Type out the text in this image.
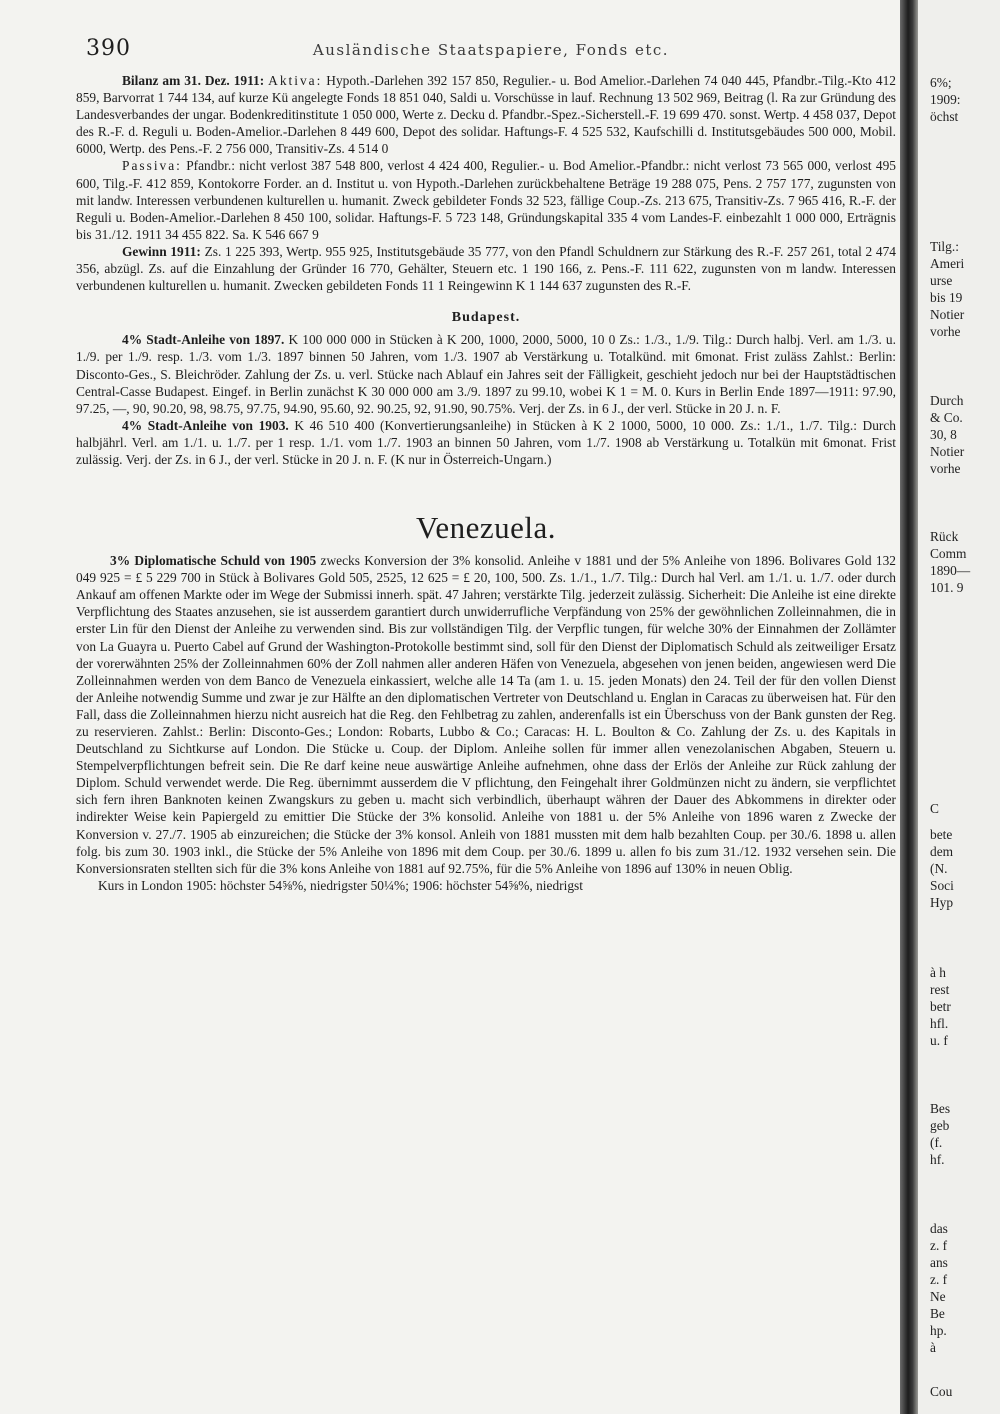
390	Ausländische Staatspapiere, Fonds etc.

Bilanz am 31. Dez. 1911: Aktiva: Hypoth.-Darlehen 392 157 850, Regulier.- u. Bod Amelior.-Darlehen 74 040 445, Pfandbr.-Tilg.-Kto 412 859, Barvorrat 1 744 134, auf kurze Kü angelegte Fonds 18 851 040, Saldi u. Vorschüsse in lauf. Rechnung 13 502 969, Beitrag (l. Ra zur Gründung des Landesverbandes der ungar. Bodenkreditinstitute 1 050 000, Werte z. Decku d. Pfandbr.-Spez.-Sicherstell.-F. 19 699 470. sonst. Wertp. 4 458 037, Depot des R.-F. d. Reguli u. Boden-Amelior.-Darlehen 8 449 600, Depot des solidar. Haftungs-F. 4 525 532, Kaufschilli d. Institutsgebäudes 500 000, Mobil. 6000, Wertp. des Pens.-F. 2 756 000, Transitiv-Zs. 4 514 0

Passiva: Pfandbr.: nicht verlost 387 548 800, verlost 4 424 400, Regulier.- u. Bod Amelior.-Pfandbr.: nicht verlost 73 565 000, verlost 495 600, Tilg.-F. 412 859, Kontokorre Forder. an d. Institut u. von Hypoth.-Darlehen zurückbehaltene Beträge 19 288 075, Pens. 2 757 177, zugunsten von mit landw. Interessen verbundenen kulturellen u. humanit. Zweck gebildeter Fonds 32 523, fällige Coup.-Zs. 213 675, Transitiv-Zs. 7 965 416, R.-F. der Reguli u. Boden-Amelior.-Darlehen 8 450 100, solidar. Haftungs-F. 5 723 148, Gründungskapital 335 4 vom Landes-F. einbezahlt 1 000 000, Erträgnis bis 31./12. 1911 34 455 822. Sa. K 546 667 9

Gewinn 1911: Zs. 1 225 393, Wertp. 955 925, Institutsgebäude 35 777, von den Pfandl Schuldnern zur Stärkung des R.-F. 257 261, total 2 474 356, abzügl. Zs. auf die Einzahlung der Gründer 16 770, Gehälter, Steuern etc. 1 190 166, z. Pens.-F. 111 622, zugunsten von m landw. Interessen verbundenen kulturellen u. humanit. Zwecken gebildeten Fonds 11 1 Reingewinn K 1 144 637 zugunsten des R.-F.

Budapest.

4% Stadt-Anleihe von 1897. K 100 000 000 in Stücken à K 200, 1000, 2000, 5000, 10 0 Zs.: 1./3., 1./9. Tilg.: Durch halbj. Verl. am 1./3. u. 1./9. per 1./9. resp. 1./3. vom 1./3. 1897 binnen 50 Jahren, vom 1./3. 1907 ab Verstärkung u. Totalkünd. mit 6monat. Frist zuläss Zahlst.: Berlin: Disconto-Ges., S. Bleichröder. Zahlung der Zs. u. verl. Stücke nach Ablauf ein Jahres seit der Fälligkeit, geschieht jedoch nur bei der Hauptstädtischen Central-Casse Budapest. Eingef. in Berlin zunächst K 30 000 000 am 3./9. 1897 zu 99.10, wobei K 1 = M. 0. Kurs in Berlin Ende 1897—1911: 97.90, 97.25, —, 90, 90.20, 98, 98.75, 97.75, 94.90, 95.60, 92. 90.25, 92, 91.90, 90.75%. Verj. der Zs. in 6 J., der verl. Stücke in 20 J. n. F.

4% Stadt-Anleihe von 1903. K 46 510 400 (Konvertierungsanleihe) in Stücken à K 2 1000, 5000, 10 000. Zs.: 1./1., 1./7. Tilg.: Durch halbjährl. Verl. am 1./1. u. 1./7. per 1 resp. 1./1. vom 1./7. 1903 an binnen 50 Jahren, vom 1./7. 1908 ab Verstärkung u. Totalkün mit 6monat. Frist zulässig. Verj. der Zs. in 6 J., der verl. Stücke in 20 J. n. F. (K nur in Österreich-Ungarn.)

Venezuela.

3% Diplomatische Schuld von 1905 zwecks Konversion der 3% konsolid. Anleihe v 1881 und der 5% Anleihe von 1896. Bolivares Gold 132 049 925 = £ 5 229 700 in Stück à Bolivares Gold 505, 2525, 12 625 = £ 20, 100, 500. Zs. 1./1., 1./7. Tilg.: Durch hal Verl. am 1./1. u. 1./7. oder durch Ankauf am offenen Markte oder im Wege der Submissi innerh. spät. 47 Jahren; verstärkte Tilg. jederzeit zulässig. Sicherheit: Die Anleihe ist eine direkte Verpflichtung des Staates anzusehen, sie ist ausserdem garantiert durch unwiderrufliche Verpfändung von 25% der gewöhnlichen Zolleinnahmen, die in erster Lin für den Dienst der Anleihe zu verwenden sind. Bis zur vollständigen Tilg. der Verpflic tungen, für welche 30% der Einnahmen der Zollämter von La Guayra u. Puerto Cabel auf Grund der Washington-Protokolle bestimmt sind, soll für den Dienst der Diplomatisch Schuld als zeitweiliger Ersatz der vorerwähnten 25% der Zolleinnahmen 60% der Zoll nahmen aller anderen Häfen von Venezuela, abgesehen von jenen beiden, angewiesen werd Die Zolleinnahmen werden von dem Banco de Venezuela einkassiert, welche alle 14 Ta (am 1. u. 15. jeden Monats) den 24. Teil der für den vollen Dienst der Anleihe notwendig Summe und zwar je zur Hälfte an den diplomatischen Vertreter von Deutschland u. Englan in Caracas zu überweisen hat. Für den Fall, dass die Zolleinnahmen hierzu nicht ausreich hat die Reg. den Fehlbetrag zu zahlen, anderenfalls ist ein Überschuss von der Bank gunsten der Reg. zu reservieren. Zahlst.: Berlin: Disconto-Ges.; London: Robarts, Lubbo & Co.; Caracas: H. L. Boulton & Co. Zahlung der Zs. u. des Kapitals in Deutschland zu Sichtkurse auf London. Die Stücke u. Coup. der Diplom. Anleihe sollen für immer allen venezolanischen Abgaben, Steuern u. Stempelverpflichtungen befreit sein. Die Re darf keine neue auswärtige Anleihe aufnehmen, ohne dass der Erlös der Anleihe zur Rück zahlung der Diplom. Schuld verwendet werde. Die Reg. übernimmt ausserdem die V pflichtung, den Feingehalt ihrer Goldmünzen nicht zu ändern, sie verpflichtet sich fern ihren Banknoten keinen Zwangskurs zu geben u. macht sich verbindlich, überhaupt währen der Dauer des Abkommens in direkter oder indirekter Weise kein Papiergeld zu emittier Die Stücke der 3% konsolid. Anleihe von 1881 u. der 5% Anleihe von 1896 waren z Zwecke der Konversion v. 27./7. 1905 ab einzureichen; die Stücke der 3% konsol. Anleih von 1881 mussten mit dem halb bezahlten Coup. per 30./6. 1898 u. allen folg. bis zum 30. 1903 inkl., die Stücke der 5% Anleihe von 1896 mit dem Coup. per 30./6. 1899 u. allen fo bis zum 31./12. 1932 versehen sein. Die Konversionsraten stellten sich für die 3% kons Anleihe von 1881 auf 92.75%, für die 5% Anleihe von 1896 auf 130% in neuen Oblig.

Kurs in London 1905: höchster 54⅝%, niedrigster 50¼%; 1906: höchster 54⅝%, niedrigst

6%;
1909:
öchst
Tilg.:
Ameri
urse
bis 19
Notier
vorhe
Durch
& Co.
30, 8
Notier
vorhe
Rück
Comm
1890—
101. 9
C
bete
dem
(N.
Soci
Hyp
à h
rest
betr
hfl.
u. f
Bes
geb
(f.
hf.
das
z. f
ans
z. f
Ne
Be
hp.
à
Cou
